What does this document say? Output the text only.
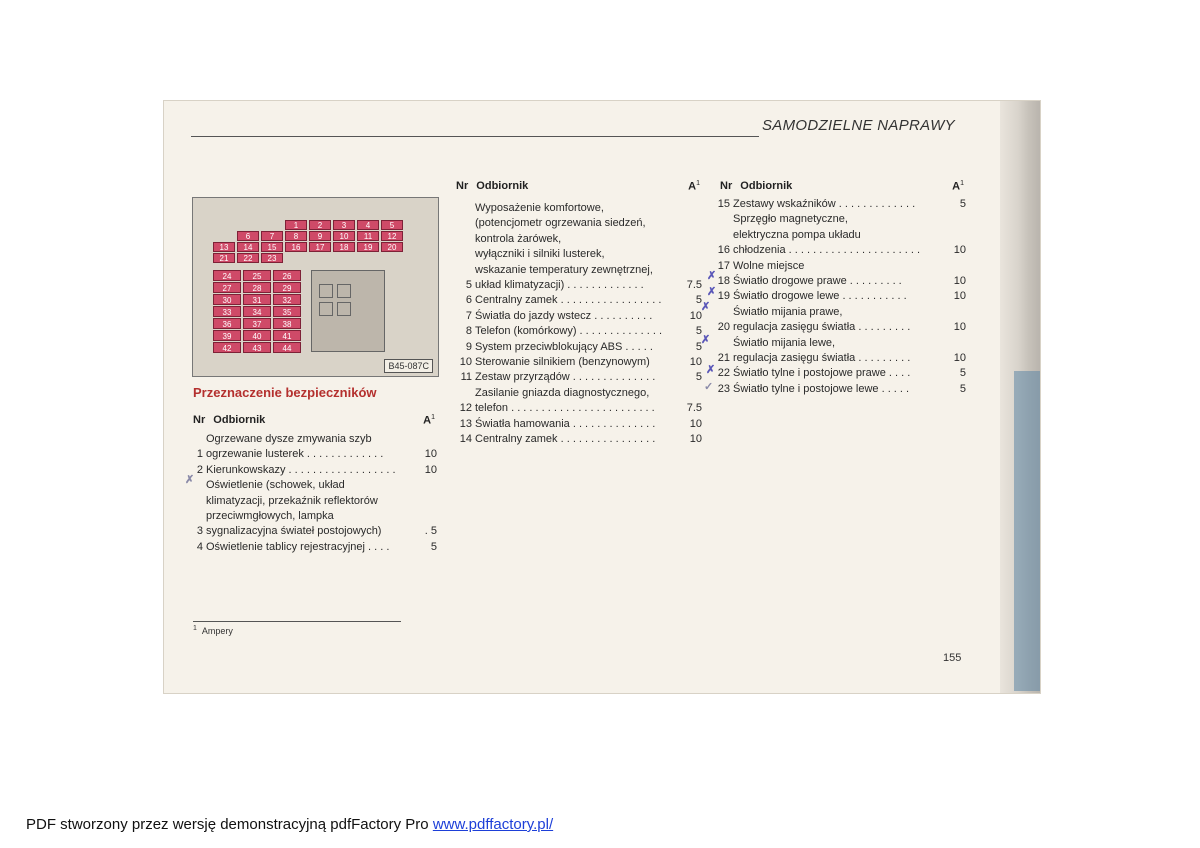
SAMODZIELNE NAPRAWY
1	2	3	4	5
6	7	8	9	10	11	12
13	14	15	16	17	18	19	20
21	22	23
24	25	26
27	28	29
30	31	32
33	34	35
36	37	38
39	40	41
42	43	44
B45-087C
Przeznaczenie bezpieczników
Nr Odbiornik	$A^1$
1
Ogrzewane dysze zmywania szyb
ogrzewanie lusterek . . . . . . . . . . . . .	10
2 Kierunkowskazy . . . . . . . . . . . . . . . . . .	10
3
Oświetlenie (schowek, układ
klimatyzacji, przekaźnik reflektorów
przeciwmgłowych, lampka
sygnalizacyjna świateł postojowych)	. 5
4 Oświetlenie tablicy rejestracyjnej . . . .	5
Nr Odbiornik	$A^1$
5
Wyposażenie komfortowe,
(potencjometr ogrzewania siedzeń,
kontrola żarówek,
wyłączniki i silniki lusterek,
wskazanie temperatury zewnętrznej,
układ klimatyzacji) . . . . . . . . . . . . .	7.5
6 Centralny zamek . . . . . . . . . . . . . . . . .	5
7 Światła do jazdy wstecz . . . . . . . . . .	10
8 Telefon (komórkowy) . . . . . . . . . . . . . .	5
9 System przeciwblokujący ABS . . . . .	5
10 Sterowanie silnikiem (benzynowym)	10
11 Zestaw przyrządów . . . . . . . . . . . . . .	5
12
Zasilanie gniazda diagnostycznego,
telefon . . . . . . . . . . . . . . . . . . . . . . . .	7.5
13 Światła hamowania . . . . . . . . . . . . . .	10
14 Centralny zamek . . . . . . . . . . . . . . . .	10
Nr Odbiornik	$A^1$
15 Zestawy wskaźników . . . . . . . . . . . . .	5
16
Sprzęgło magnetyczne,
elektryczna pompa układu
chłodzenia . . . . . . . . . . . . . . . . . . . . . .	10
17 Wolne miejsce
18 Światło drogowe prawe . . . . . . . . .	10
19 Światło drogowe lewe . . . . . . . . . . .	10
20
Światło mijania prawe,
regulacja zasięgu światła . . . . . . . . .	10
21
Światło mijania lewe,
regulacja zasięgu światła . . . . . . . . .	10
22 Światło tylne i postojowe prawe . . . .	5
23 Światło tylne i postojowe lewe . . . . .	5
✗
✗
✗
✗
✗
✓
✗
$^1$ Ampery
155
PDF stworzony przez wersję demonstracyjną pdfFactory Pro www.pdffactory.pl/
